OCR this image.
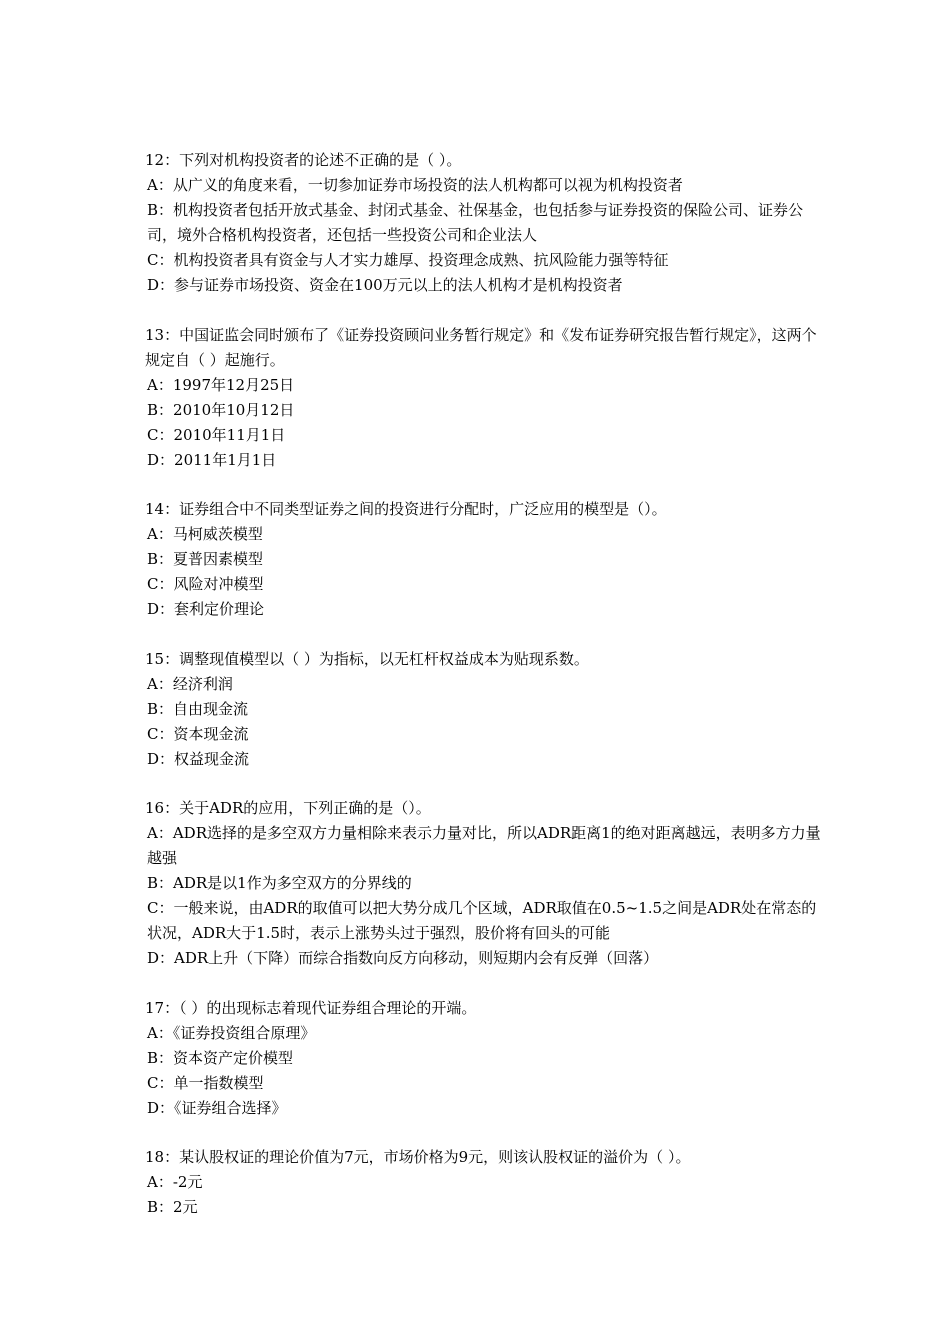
12：下列对机构投资者的论述不正确的是（ ）。
A：从广义的角度来看，一切参加证券市场投资的法人机构都可以视为机构投资者
B：机构投资者包括开放式基金、封闭式基金、社保基金，也包括参与证券投资的保险公司、证券公司，境外合格机构投资者，还包括一些投资公司和企业法人
C：机构投资者具有资金与人才实力雄厚、投资理念成熟、抗风险能力强等特征
D：参与证券市场投资、资金在100万元以上的法人机构才是机构投资者
13：中国证监会同时颁布了《证券投资顾问业务暂行规定》和《发布证券研究报告暂行规定》，这两个规定自（ ）起施行。
A：1997年12月25日
B：2010年10月12日
C：2010年11月1日
D：2011年1月1日
14：证券组合中不同类型证券之间的投资进行分配时，广泛应用的模型是（）。
A：马柯威茨模型
B：夏普因素模型
C：风险对冲模型
D：套利定价理论
15：调整现值模型以（ ）为指标，以无杠杆权益成本为贴现系数。
A：经济利润
B：自由现金流
C：资本现金流
D：权益现金流
16：关于ADR的应用，下列正确的是（）。
A：ADR选择的是多空双方力量相除来表示力量对比，所以ADR距离1的绝对距离越远，表明多方力量越强
B：ADR是以1作为多空双方的分界线的
C：一般来说，由ADR的取值可以把大势分成几个区域，ADR取值在0.5~1.5之间是ADR处在常态的状况，ADR大于1.5时，表示上涨势头过于强烈，股价将有回头的可能
D：ADR上升（下降）而综合指数向反方向移动，则短期内会有反弹（回落）
17：（ ）的出现标志着现代证券组合理论的开端。
A：《证券投资组合原理》
B：资本资产定价模型
C：单一指数模型
D：《证券组合选择》
18：某认股权证的理论价值为7元，市场价格为9元，则该认股权证的溢价为（ ）。
A：-2元
B：2元
